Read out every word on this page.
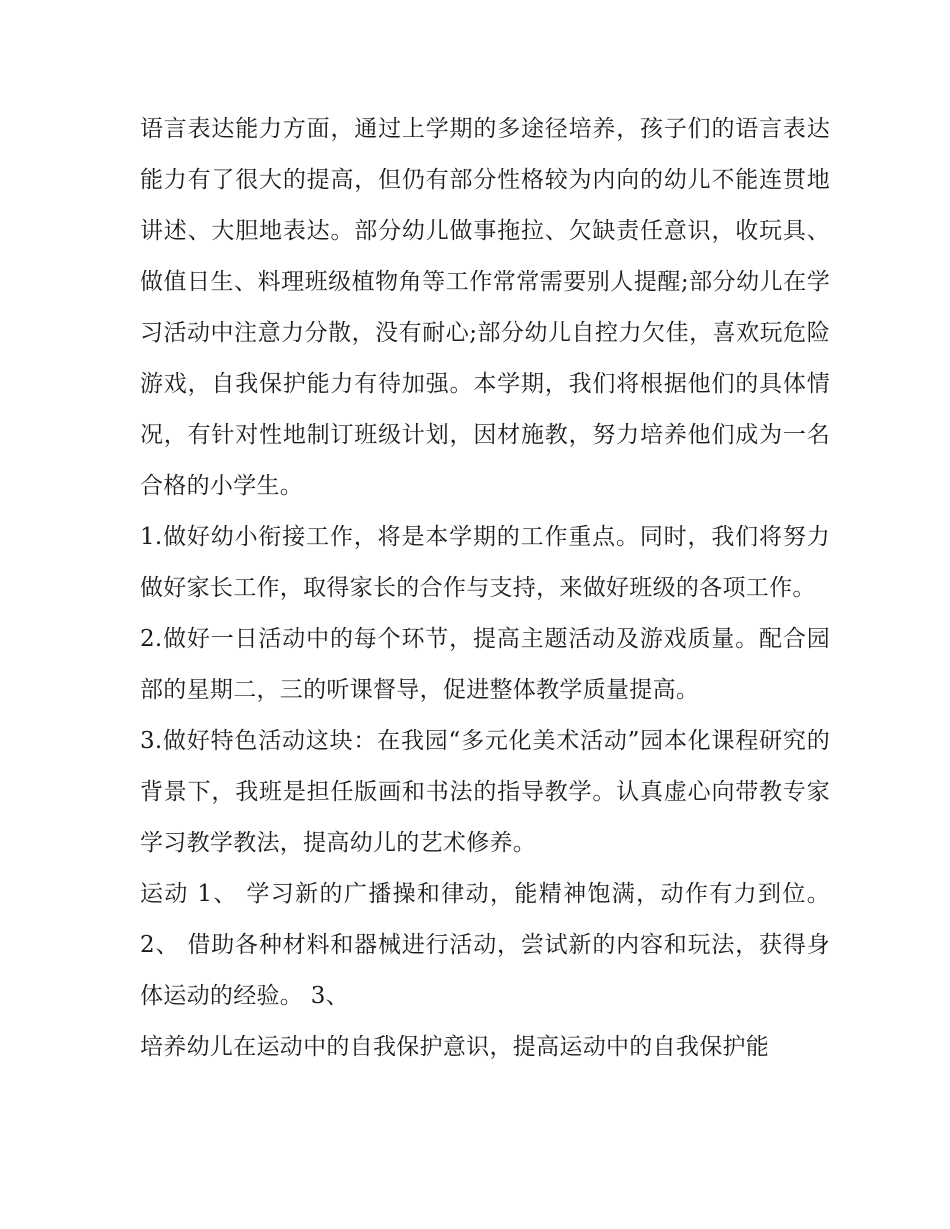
语言表达能力方面，通过上学期的多途径培养，孩子们的语言表达能力有了很大的提高，但仍有部分性格较为内向的幼儿不能连贯地讲述、大胆地表达。部分幼儿做事拖拉、欠缺责任意识，收玩具、做值日生、料理班级植物角等工作常常需要别人提醒;部分幼儿在学习活动中注意力分散，没有耐心;部分幼儿自控力欠佳，喜欢玩危险游戏，自我保护能力有待加强。本学期，我们将根据他们的具体情况，有针对性地制订班级计划，因材施教，努力培养他们成为一名合格的小学生。

1.做好幼小衔接工作，将是本学期的工作重点。同时，我们将努力做好家长工作，取得家长的合作与支持，来做好班级的各项工作。

2.做好一日活动中的每个环节，提高主题活动及游戏质量。配合园部的星期二，三的听课督导，促进整体教学质量提高。

3.做好特色活动这块：在我园“多元化美术活动”园本化课程研究的背景下，我班是担任版画和书法的指导教学。认真虚心向带教专家学习教学教法，提高幼儿的艺术修养。

运动 1、 学习新的广播操和律动，能精神饱满，动作有力到位。 2、 借助各种材料和器械进行活动，尝试新的内容和玩法，获得身体运动的经验。 3、

培养幼儿在运动中的自我保护意识，提高运动中的自我保护能
